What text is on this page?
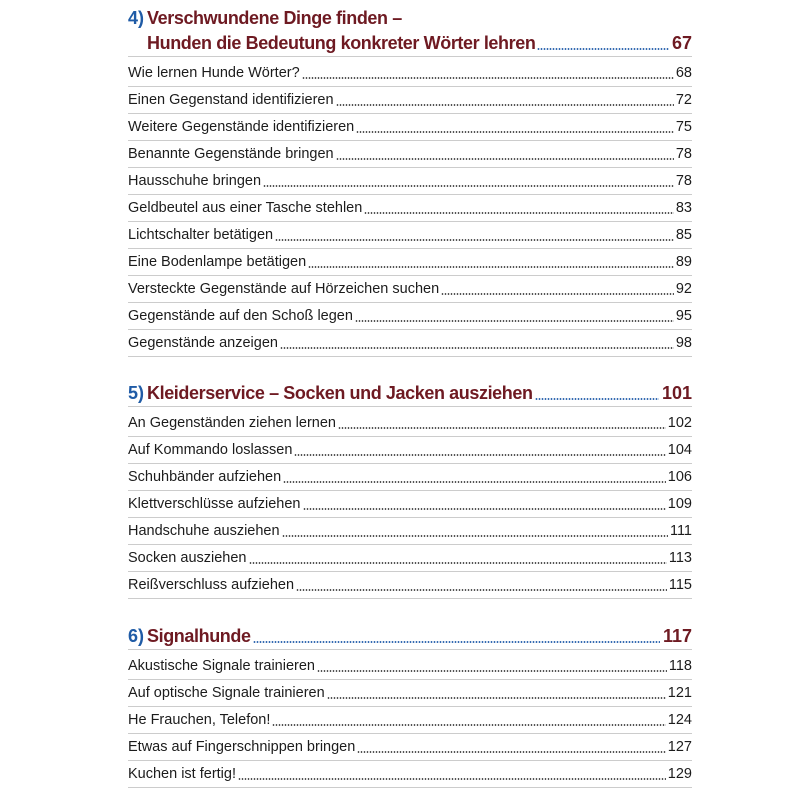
4) Verschwundene Dinge finden –
Hunden die Bedeutung konkreter Wörter lehren	67
Wie lernen Hunde Wörter?	68
Einen Gegenstand identifizieren	72
Weitere Gegenstände identifizieren	75
Benannte Gegenstände bringen	78
Hausschuhe bringen	78
Geldbeutel aus einer Tasche stehlen	83
Lichtschalter betätigen	85
Eine Bodenlampe betätigen	89
Versteckte Gegenstände auf Hörzeichen suchen	92
Gegenstände auf den Schoß legen	95
Gegenstände anzeigen	98
5) Kleiderservice – Socken und Jacken ausziehen	101
An Gegenständen ziehen lernen	102
Auf Kommando loslassen	104
Schuhbänder aufziehen	106
Klettverschlüsse aufziehen	109
Handschuhe ausziehen	111
Socken ausziehen	113
Reißverschluss aufziehen	115
6) Signalhunde	117
Akustische Signale trainieren	118
Auf optische Signale trainieren	121
He Frauchen, Telefon!	124
Etwas auf Fingerschnippen bringen	127
Kuchen ist fertig!	129
